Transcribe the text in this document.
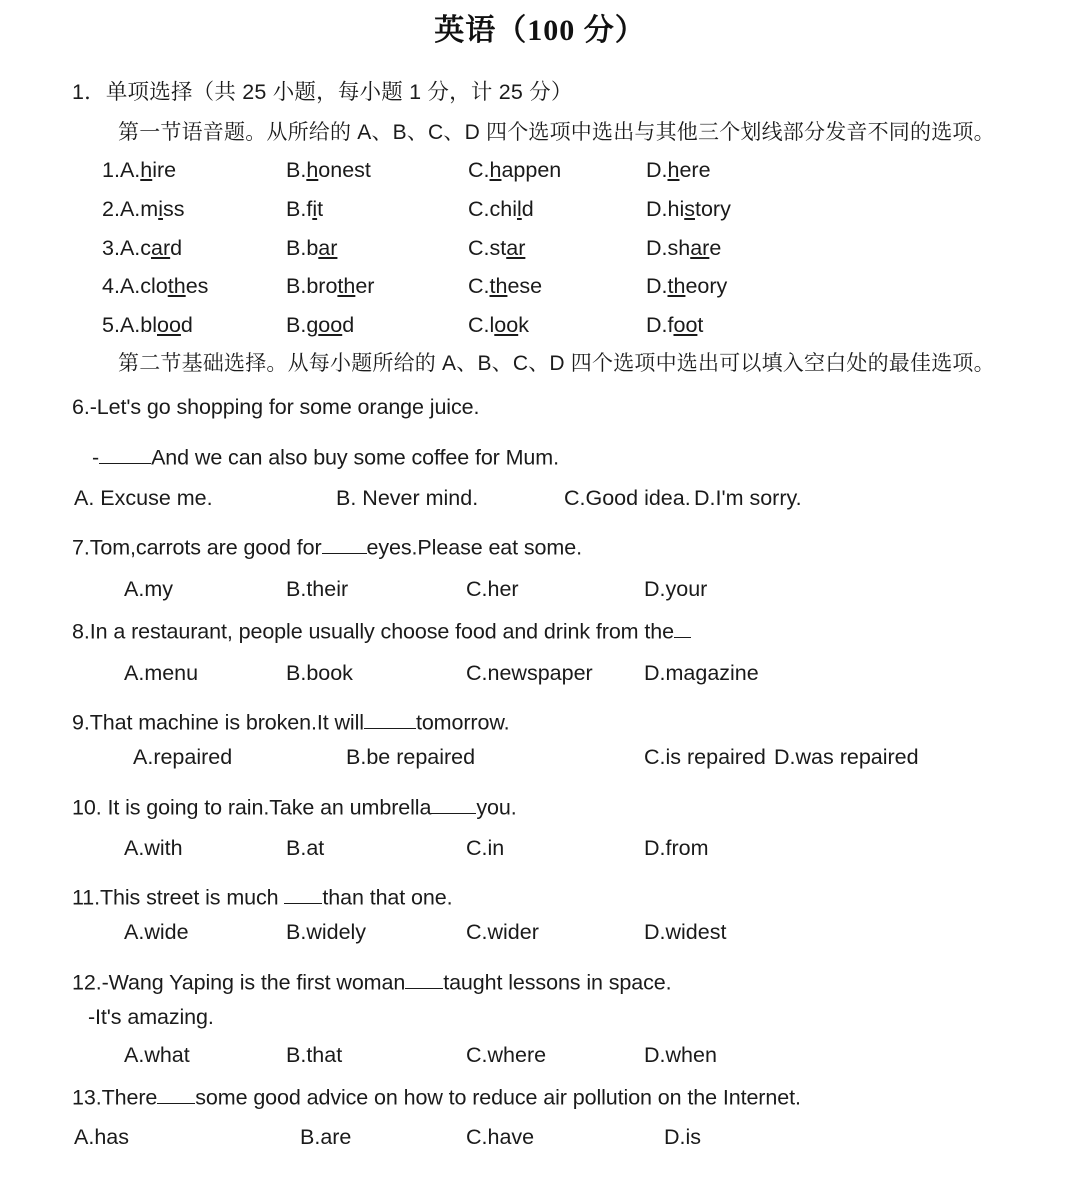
英语（100 分）
1．单项选择（共 25 小题，每小题 1 分，计 25 分）
第一节语音题。从所给的 A、B、C、D 四个选项中选出与其他三个划线部分发音不同的选项。
1.A.hire	B.honest	C.happen	D.here
2.A.miss	B.fit	C.child	D.history
3.A.card	B.bar	C.star	D.share
4.A.clothes	B.brother	C.these	D.theory
5.A.blood	B.good	C.look	D.foot
第二节基础选择。从每小题所给的 A、B、C、D 四个选项中选出可以填入空白处的最佳选项。
6.-Let's go shopping for some orange juice.
- And we can also buy some coffee for Mum.
A. Excuse me.	B. Never mind.	C.Good idea. D.I'm sorry.
7.Tom,carrots are good for eyes.Please eat some.
A.my	B.their	C.her	D.your
8.In a restaurant, people usually choose food and drink from the
A.menu	B.book	C.newspaper D.magazine
9.That machine is broken.It will tomorrow.
A.repaired	B.be repaired	C.is repaired D.was repaired
10. It is going to rain.Take an umbrella you.
A.with	B.at	C.in	D.from
11.This street is much than that one.
A.wide	B.widely	C.wider	D.widest
12.-Wang Yaping is the first woman taught lessons in space.
-It's amazing.
A.what	B.that	C.where	D.when
13.There some good advice on how to reduce air pollution on the Internet.
A.has	B.are	C.have	D.is
